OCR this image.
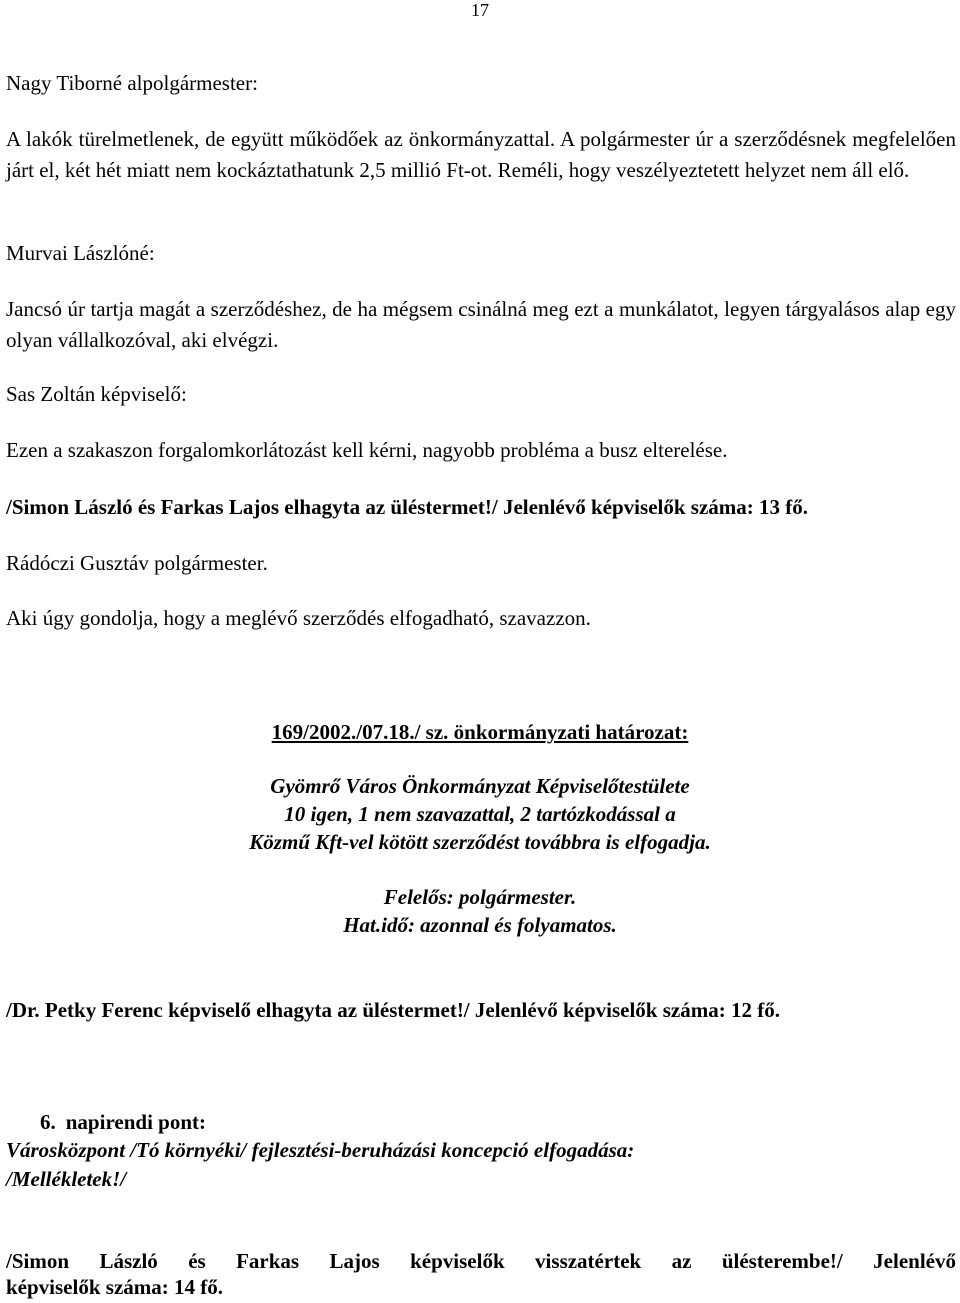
17
Nagy Tiborné alpolgármester:
A lakók türelmetlenek, de együtt működőek az önkormányzattal. A polgármester úr a szerződésnek megfelelően járt el, két hét miatt nem kockáztathatunk 2,5 millió Ft-ot. Reméli, hogy veszélyeztetett helyzet nem áll elő.
Murvai Lászlóné:
Jancsó úr tartja magát a szerződéshez, de ha mégsem csinálná meg ezt a munkálatot, legyen tárgyalásos alap egy olyan vállalkozóval, aki elvégzi.
Sas Zoltán képviselő:
Ezen a szakaszon forgalomkorlátozást kell kérni, nagyobb probléma a busz elterelése.
/Simon László és Farkas Lajos elhagyta az üléstermet!/ Jelenlévő képviselők száma: 13 fő.
Rádóczi Gusztáv polgármester.
Aki úgy gondolja, hogy a meglévő szerződés elfogadható, szavazzon.
169/2002./07.18./ sz. önkormányzati határozat:
Gyömrő Város Önkormányzat Képviselőtestülete
10 igen, 1 nem szavazattal, 2 tartózkodással a
Közmű Kft-vel kötött szerződést továbbra is elfogadja.
Felelős: polgármester.
Hat.idő: azonnal és folyamatos.
/Dr. Petky Ferenc képviselő elhagyta az üléstermet!/ Jelenlévő képviselők száma: 12 fő.
6. napirendi pont:
Városközpont /Tó környéki/ fejlesztési-beruházási koncepció elfogadása:
/Mellékletek!/
/Simon László és Farkas Lajos képviselők visszatértek az ülésterembe!/ Jelenlévő
képviselők száma: 14 fő.
